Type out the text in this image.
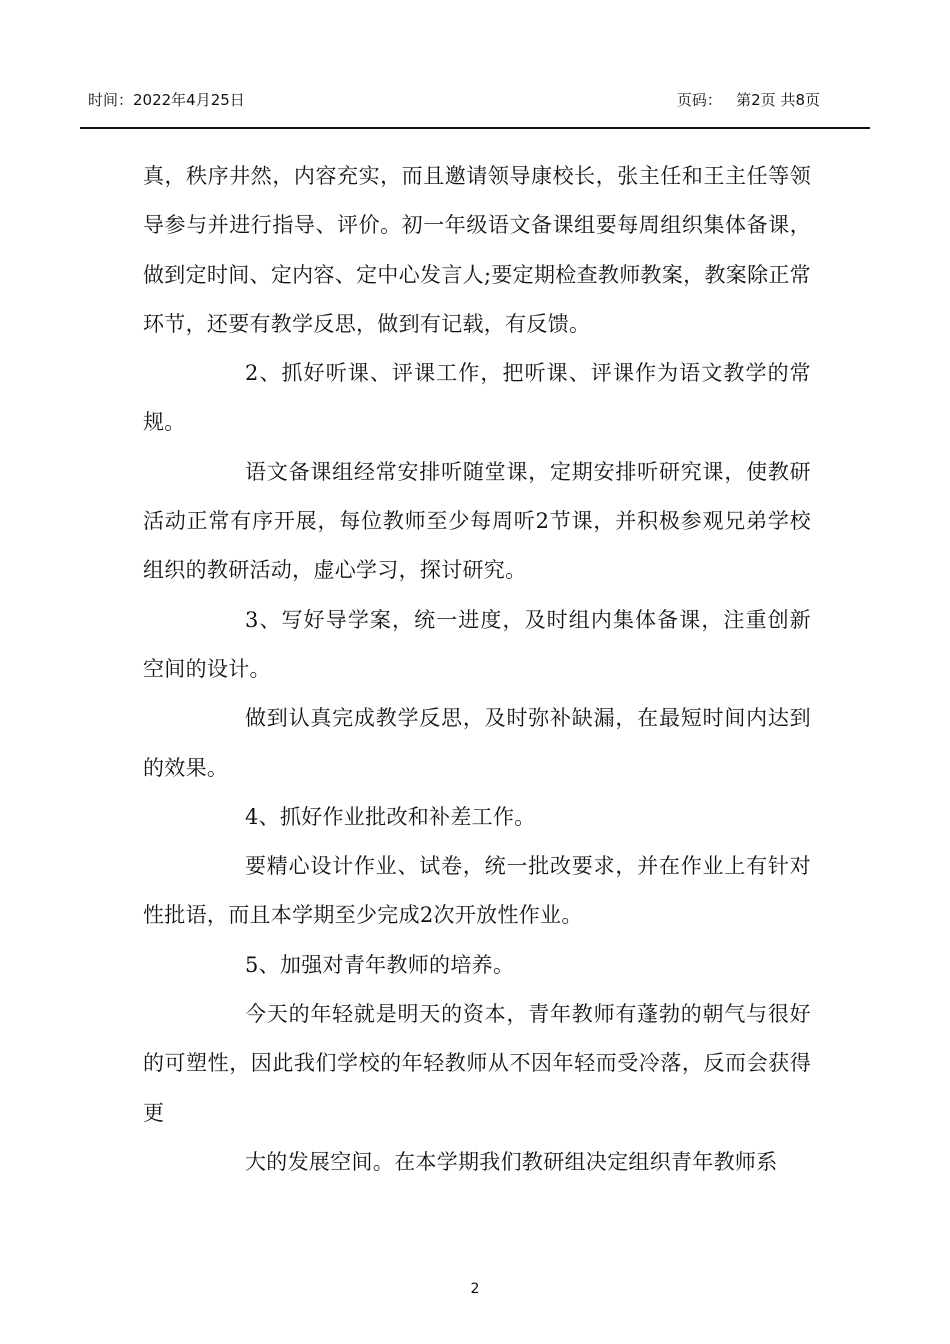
时间：2022年4月25日	页码：   第2页 共8页

真，秩序井然，内容充实，而且邀请领导康校长，张主任和王主任等领导参与并进行指导、评价。初一年级语文备课组要每周组织集体备课，做到定时间、定内容、定中心发言人;要定期检查教师教案，教案除正常环节，还要有教学反思，做到有记载，有反馈。

2、抓好听课、评课工作，把听课、评课作为语文教学的常规。

语文备课组经常安排听随堂课，定期安排听研究课，使教研活动正常有序开展，每位教师至少每周听2节课，并积极参观兄弟学校组织的教研活动，虚心学习，探讨研究。

3、写好导学案，统一进度，及时组内集体备课，注重创新空间的设计。

做到认真完成教学反思，及时弥补缺漏，在最短时间内达到的效果。

4、抓好作业批改和补差工作。

要精心设计作业、试卷，统一批改要求，并在作业上有针对性批语，而且本学期至少完成2次开放性作业。

5、加强对青年教师的培养。

今天的年轻就是明天的资本，青年教师有蓬勃的朝气与很好的可塑性，因此我们学校的年轻教师从不因年轻而受冷落，反而会获得更

大的发展空间。在本学期我们教研组决定组织青年教师系

2
